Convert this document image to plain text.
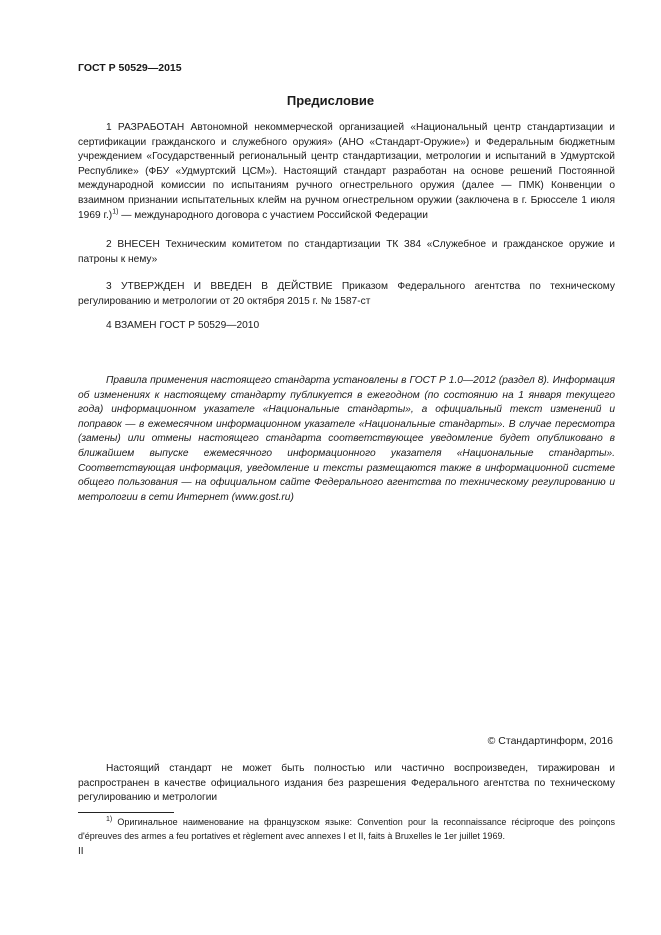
ГОСТ Р 50529—2015
Предисловие
1 РАЗРАБОТАН Автономной некоммерческой организацией «Национальный центр стандартизации и сертификации гражданского и служебного оружия» (АНО «Стандарт-Оружие») и Федеральным бюджетным учреждением «Государственный региональный центр стандартизации, метрологии и испытаний в Удмуртской Республике» (ФБУ «Удмуртский ЦСМ»). Настоящий стандарт разработан на основе решений Постоянной международной комиссии по испытаниям ручного огнестрельного оружия (далее — ПМК) Конвенции о взаимном признании испытательных клейм на ручном огнестрельном оружии (заключена в г. Брюсселе 1 июля 1969 г.)$^{1)}$ — международного договора с участием Российской Федерации
2 ВНЕСЕН Техническим комитетом по стандартизации ТК 384 «Служебное и гражданское оружие и патроны к нему»
3 УТВЕРЖДЕН И ВВЕДЕН В ДЕЙСТВИЕ Приказом Федерального агентства по техническому регулированию и метрологии от 20 октября 2015 г. № 1587-ст
4 ВЗАМЕН ГОСТ Р 50529—2010
Правила применения настоящего стандарта установлены в ГОСТ Р 1.0—2012 (раздел 8). Информация об изменениях к настоящему стандарту публикуется в ежегодном (по состоянию на 1 января текущего года) информационном указателе «Национальные стандарты», а официальный текст изменений и поправок — в ежемесячном информационном указателе «Национальные стандарты». В случае пересмотра (замены) или отмены настоящего стандарта соответствующее уведомление будет опубликовано в ближайшем выпуске ежемесячного информационного указателя «Национальные стандарты». Соответствующая информация, уведомление и тексты размещаются также в информационной системе общего пользования — на официальном сайте Федерального агентства по техническому регулированию и метрологии в сети Интернет (www.gost.ru)
© Стандартинформ, 2016
Настоящий стандарт не может быть полностью или частично воспроизведен, тиражирован и распространен в качестве официального издания без разрешения Федерального агентства по техническому регулированию и метрологии
$^{1)}$ Оригинальное наименование на французском языке: Convention pour la reconnaissance réciproque des poinçons d'épreuves des armes a feu portatives et règlement avec annexes I et II, faits à Bruxelles le 1er juillet 1969.
II
